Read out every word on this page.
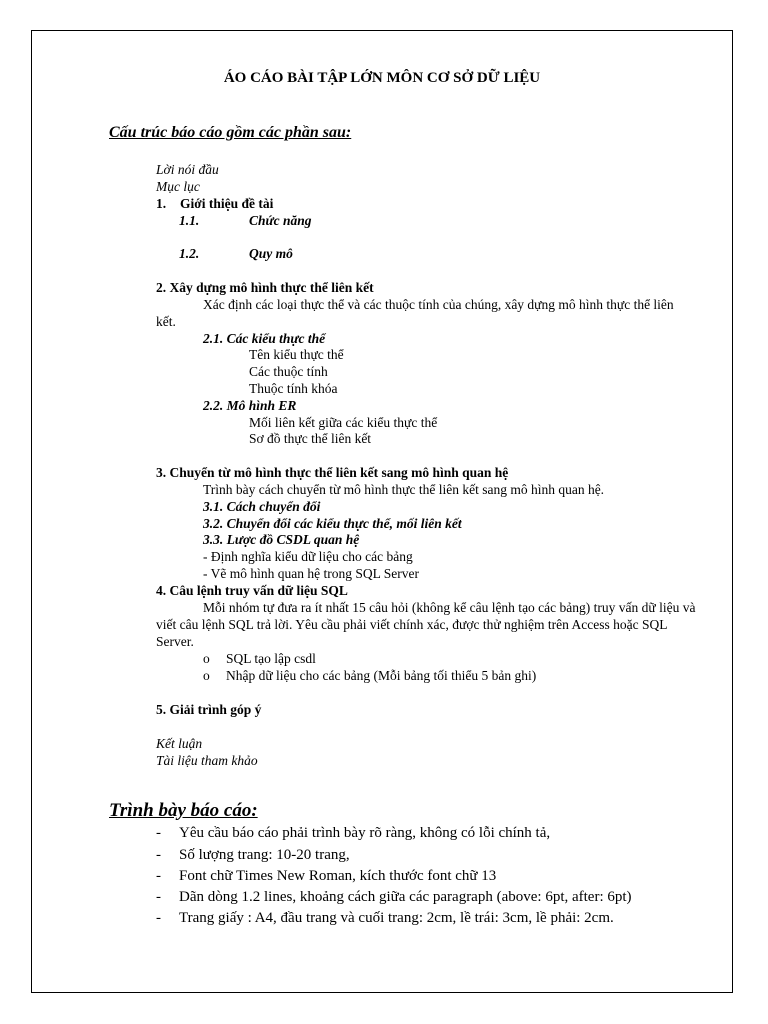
ÁO CÁO BÀI TẬP LỚN MÔN CƠ SỞ DỮ LIỆU
Cấu trúc báo cáo gồm các phần sau:
Lời nói đầu
Mục lục
1. Giới thiệu đề tài
1.1.	Chức năng
1.2.	Quy mô
2. Xây dựng mô hình thực thể liên kết
Xác định các loại thực thể và các thuộc tính của chúng, xây dựng mô hình thực thể liên kết.
2.1. Các kiểu thực thể
Tên kiểu thực thể
Các thuộc tính
Thuộc tính khóa
2.2. Mô hình ER
Mối liên kết giữa các kiểu thực thể
Sơ đồ thực thể liên kết
3. Chuyển từ mô hình thực thể liên kết sang mô hình quan hệ
Trình bày cách chuyển từ mô hình thực thể liên kết sang mô hình quan hệ.
3.1. Cách chuyển đổi
3.2. Chuyển đổi các kiểu thực thể, mối liên kết
3.3. Lược đồ CSDL quan hệ
- Định nghĩa kiểu dữ liệu cho các bảng
- Vẽ mô hình quan hệ trong SQL Server
4. Câu lệnh truy vấn dữ liệu SQL
Mỗi nhóm tự đưa ra ít nhất 15 câu hỏi (không kể câu lệnh tạo các bảng) truy vấn dữ liệu và viết câu lệnh SQL trả lời. Yêu cầu phải viết chính xác, được thử nghiệm trên Access hoặc SQL Server.
o SQL tạo lập csdl
o Nhập dữ liệu cho các bảng (Mỗi bảng tối thiểu 5 bản ghi)
5. Giải trình góp ý
Kết luận
Tài liệu tham khảo
Trình bày báo cáo:
- Yêu cầu báo cáo phải trình bày rõ ràng, không có lỗi chính tả,
- Số lượng trang: 10-20 trang,
- Font chữ Times New Roman, kích thước font chữ 13
- Dãn dòng 1.2 lines, khoảng cách giữa các paragraph (above: 6pt, after: 6pt)
- Trang giấy : A4, đầu trang và cuối trang: 2cm, lề trái: 3cm, lề phải: 2cm.
